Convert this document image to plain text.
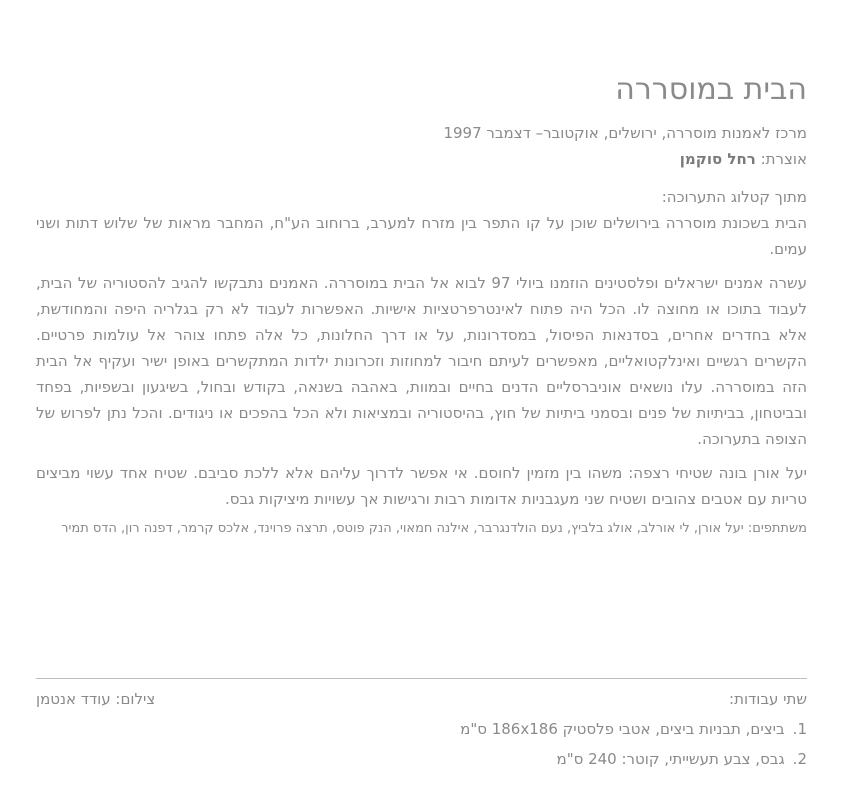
הבית במוסררה
מרכז לאמנות מוסררה, ירושלים, אוקטובר– דצמבר 1997
אוצרת: רחל סוקמן
מתוך קטלוג התערוכה:

הבית בשכונת מוסררה בירושלים שוכן על קו התפר בין מזרח למערב, ברוחוב הע"ח, המחבר מראות של שלוש דתות ושני עמים.

עשרה אמנים ישראלים ופלסטינים הוזמנו ביולי 97 לבוא אל הבית במוסררה. האמנים נתבקשו להגיב להסטוריה של הבית, לעבוד בתוכו או מחוצה לו. הכל היה פתוח לאינטרפרטציות אישיות. האפשרות לעבוד לא רק בגלריה היפה והמחודשת, אלא בחדרים אחרים, בסדנאות הפיסול, במסדרונות, על או דרך החלונות, כל אלה פתחו צוהר אל עולמות פרטיים. הקשרים רגשיים ואינלקטואליים, מאפשרים לעיתם חיבור למחוזות וזכרונות ילדות המתקשרים באופן ישיר ועקיף אל הבית הזה במוסררה. עלו נושאים אוניברסליים הדנים בחיים ובמוות, באהבה בשנאה, בקודש ובחול, בשיגעון ובשפיות, בפחד ובביטחון, בביתיות של פנים ובסמני ביתיות של חוץ, בהיסטוריה ובמציאות ולא הכל בהפכים או ניגודים. והכל נתן לפרוש של הצופה בתערוכה.

יעל אורן בונה שטיחי רצפה: משהו בין מזמין לחוסם. אי אפשר לדרוך עליהם אלא ללכת סביבם. שטיח אחד עשוי מביצים טריות עם אטבים צהובים ושטיח שני מעגבניות אדומות רבות ורגישות אך עשויות מיציקות גבס.

משתתפים: יעל אורן, לי אורלב, אולג בלביץ, נעם הולדנגרבר, אילנה חמאוי, הנק פוטס, תרצה פרוינד, אלכס קרמר, דפנה רון, הדס תמיר
שתי עבודות:
צילום: עודד אנטמן
1.ביצים, תבניות ביצים, אטבי פלסטיק 186x186 ס"מ
2.גבס, צבע תעשייתי, קוטר: 240 ס"מ
